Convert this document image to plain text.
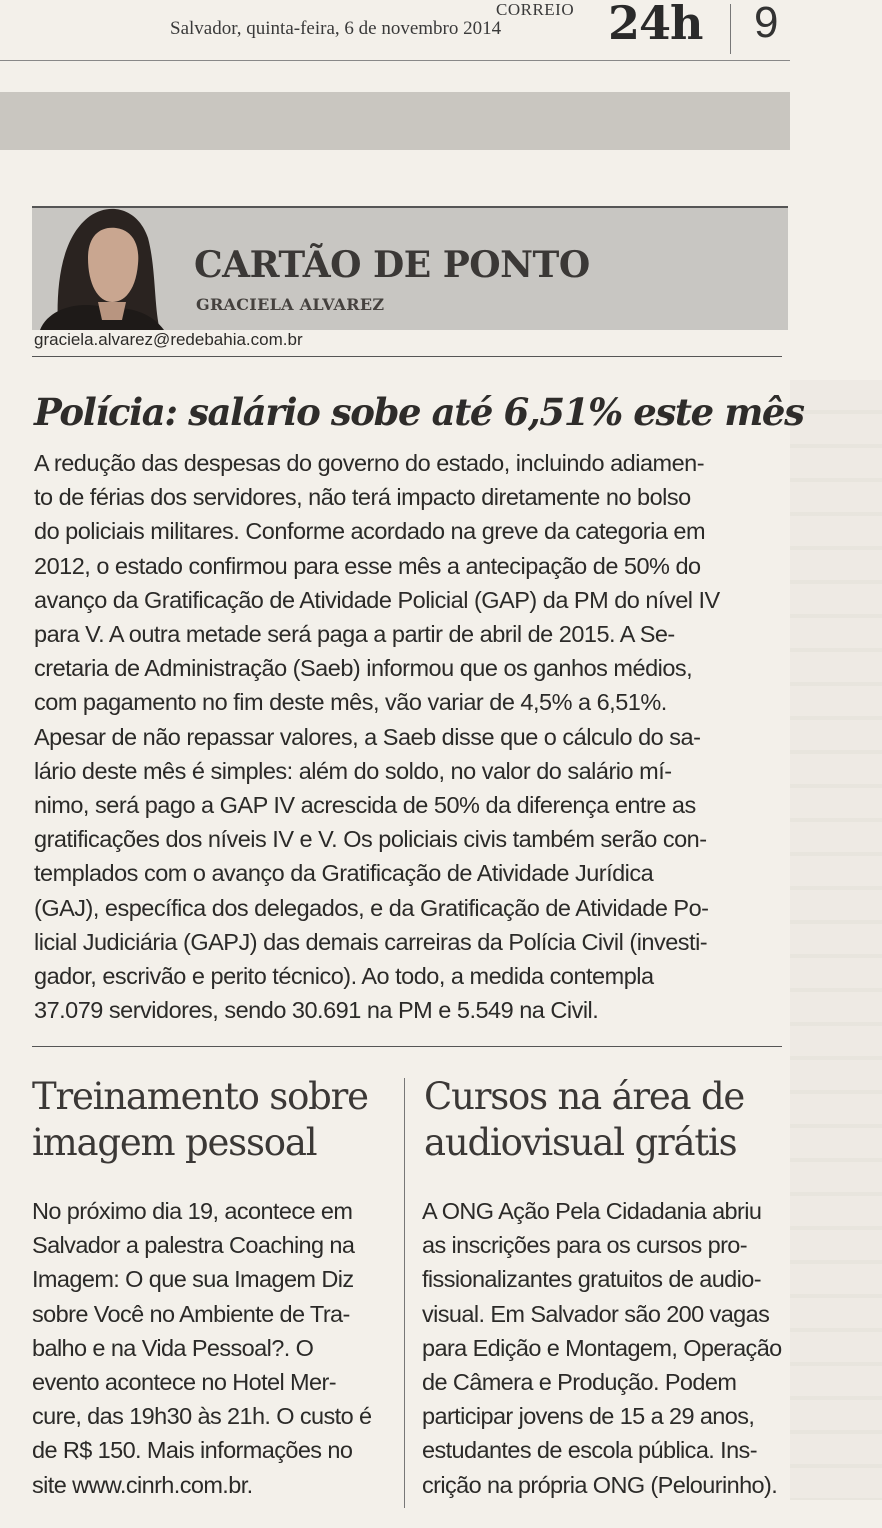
CORREIO
Salvador, quinta-feira, 6 de novembro 2014 24h 9
CARTÃO DE PONTO
GRACIELA ALVAREZ
graciela.alvarez@redebahia.com.br
Polícia: salário sobe até 6,51% este mês
A redução das despesas do governo do estado, incluindo adiamen-
to de férias dos servidores, não terá impacto diretamente no bolso
do policiais militares. Conforme acordado na greve da categoria em
2012, o estado confirmou para esse mês a antecipação de 50% do
avanço da Gratificação de Atividade Policial (GAP) da PM do nível IV
para V. A outra metade será paga a partir de abril de 2015. A Se-
cretaria de Administração (Saeb) informou que os ganhos médios,
com pagamento no fim deste mês, vão variar de 4,5% a 6,51%.
Apesar de não repassar valores, a Saeb disse que o cálculo do sa-
lário deste mês é simples: além do soldo, no valor do salário mí-
nimo, será pago a GAP IV acrescida de 50% da diferença entre as
gratificações dos níveis IV e V. Os policiais civis também serão con-
templados com o avanço da Gratificação de Atividade Jurídica
(GAJ), específica dos delegados, e da Gratificação de Atividade Po-
licial Judiciária (GAPJ) das demais carreiras da Polícia Civil (investi-
gador, escrivão e perito técnico). Ao todo, a medida contempla
37.079 servidores, sendo 30.691 na PM e 5.549 na Civil.
Treinamento sobre
imagem pessoal
No próximo dia 19, acontece em
Salvador a palestra Coaching na
Imagem: O que sua Imagem Diz
sobre Você no Ambiente de Tra-
balho e na Vida Pessoal?. O
evento acontece no Hotel Mer-
cure, das 19h30 às 21h. O custo é
de R$ 150. Mais informações no
site www.cinrh.com.br.
Cursos na área de
audiovisual grátis
A ONG Ação Pela Cidadania abriu
as inscrições para os cursos pro-
fissionalizantes gratuitos de audio-
visual. Em Salvador são 200 vagas
para Edição e Montagem, Operação
de Câmera e Produção. Podem
participar jovens de 15 a 29 anos,
estudantes de escola pública. Ins-
crição na própria ONG (Pelourinho).
